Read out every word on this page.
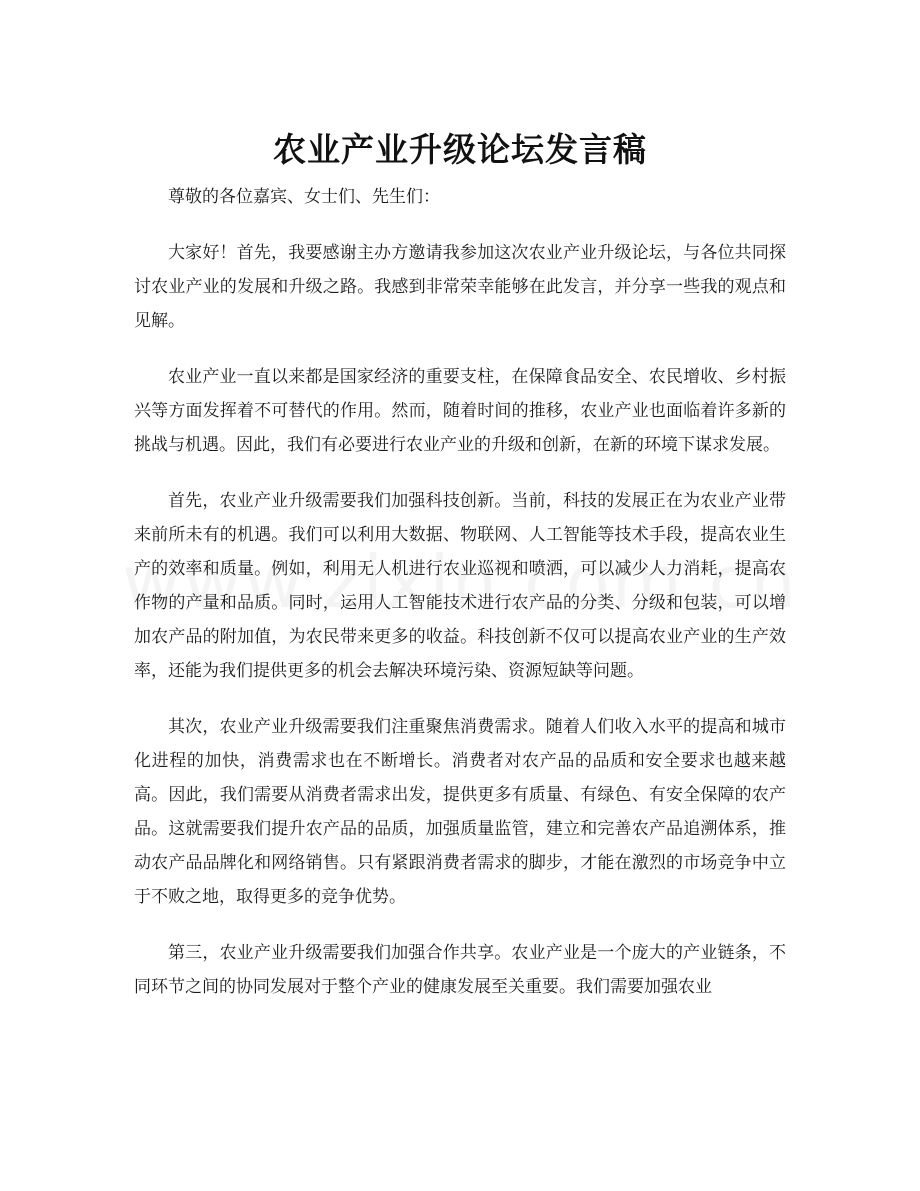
农业产业升级论坛发言稿

尊敬的各位嘉宾、女士们、先生们：

大家好！首先，我要感谢主办方邀请我参加这次农业产业升级论坛，与各位共同探讨农业产业的发展和升级之路。我感到非常荣幸能够在此发言，并分享一些我的观点和见解。

农业产业一直以来都是国家经济的重要支柱，在保障食品安全、农民增收、乡村振兴等方面发挥着不可替代的作用。然而，随着时间的推移，农业产业也面临着许多新的挑战与机遇。因此，我们有必要进行农业产业的升级和创新，在新的环境下谋求发展。

首先，农业产业升级需要我们加强科技创新。当前，科技的发展正在为农业产业带来前所未有的机遇。我们可以利用大数据、物联网、人工智能等技术手段，提高农业生产的效率和质量。例如，利用无人机进行农业巡视和喷洒，可以减少人力消耗，提高农作物的产量和品质。同时，运用人工智能技术进行农产品的分类、分级和包装，可以增加农产品的附加值，为农民带来更多的收益。科技创新不仅可以提高农业产业的生产效率，还能为我们提供更多的机会去解决环境污染、资源短缺等问题。

其次，农业产业升级需要我们注重聚焦消费需求。随着人们收入水平的提高和城市化进程的加快，消费需求也在不断增长。消费者对农产品的品质和安全要求也越来越高。因此，我们需要从消费者需求出发，提供更多有质量、有绿色、有安全保障的农产品。这就需要我们提升农产品的品质，加强质量监管，建立和完善农产品追溯体系，推动农产品品牌化和网络销售。只有紧跟消费者需求的脚步，才能在激烈的市场竞争中立于不败之地，取得更多的竞争优势。

第三，农业产业升级需要我们加强合作共享。农业产业是一个庞大的产业链条，不同环节之间的协同发展对于整个产业的健康发展至关重要。我们需要加强农业
